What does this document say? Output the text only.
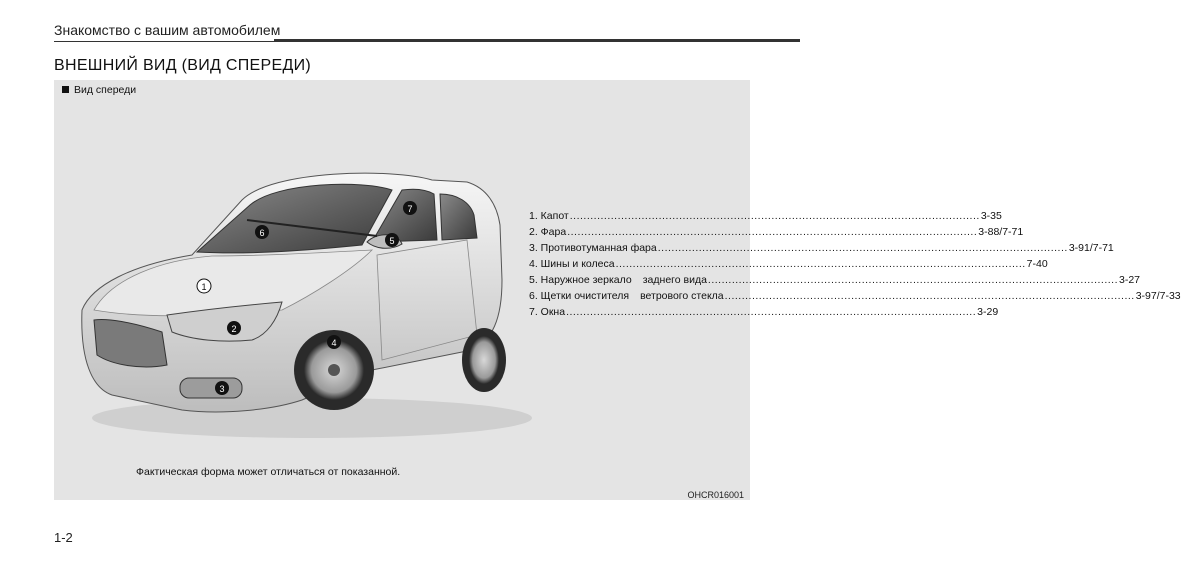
Знакомство с вашим автомобилем
ВНЕШНИЙ ВИД (ВИД СПЕРЕДИ)
Вид спереди
1
2
3
4
5
6
7
1. Капот .....	3-35
2. Фара .....	3-88/7-71
3. Противотуманная фара .....	3-91/7-71
4. Шины и колеса .....	7-40
5. Наружное зеркало заднего вида .....	3-27
6. Щетки очистителя ветрового стекла .....	3-97/7-33
7. Окна .....	3-29
Фактическая форма может отличаться от показанной.
OHCR016001
1-2
